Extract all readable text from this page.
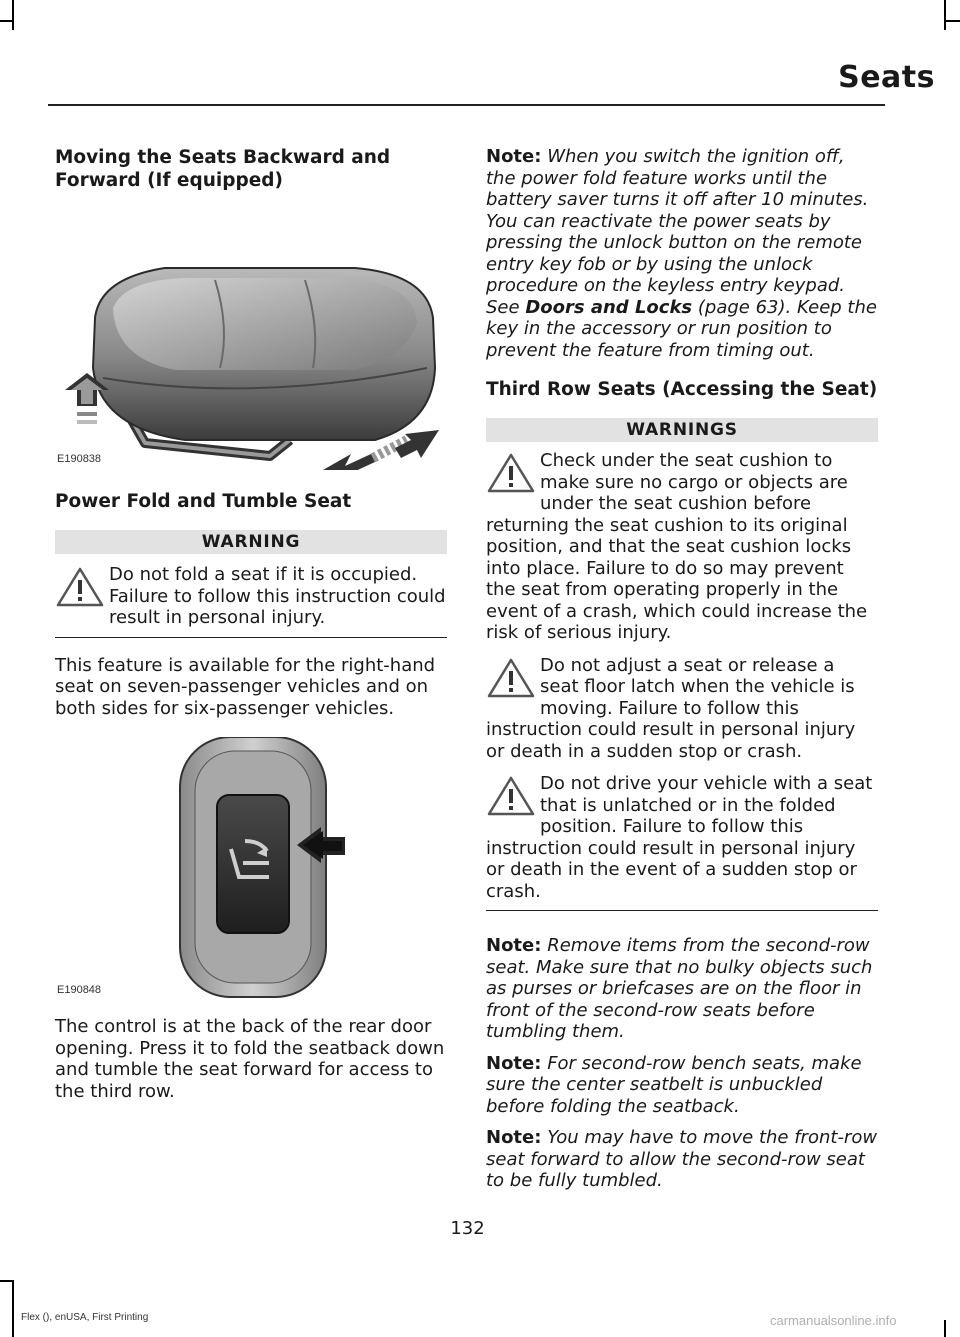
Seats
Moving the Seats Backward and Forward (If equipped)
E190838
Power Fold and Tumble Seat
WARNING

Do not fold a seat if it is occupied. Failure to follow this instruction could result in personal injury.

This feature is available for the right-hand seat on seven-passenger vehicles and on both sides for six-passenger vehicles.

E190848

The control is at the back of the rear door opening. Press it to fold the seatback down and tumble the seat forward for access to the third row.

Note: When you switch the ignition off, the power fold feature works until the battery saver turns it off after 10 minutes. You can reactivate the power seats by pressing the unlock button on the remote entry key fob or by using the unlock procedure on the keyless entry keypad. See Doors and Locks (page 63). Keep the key in the accessory or run position to prevent the feature from timing out.

Third Row Seats (Accessing the Seat)
WARNINGS

Check under the seat cushion to make sure no cargo or objects are under the seat cushion before

returning the seat cushion to its original position, and that the seat cushion locks into place. Failure to do so may prevent the seat from operating properly in the event of a crash, which could increase the risk of serious injury.

Do not adjust a seat or release a seat floor latch when the vehicle is moving. Failure to follow this

instruction could result in personal injury or death in a sudden stop or crash.

Do not drive your vehicle with a seat that is unlatched or in the folded position. Failure to follow this

instruction could result in personal injury or death in the event of a sudden stop or crash.

Note: Remove items from the second-row seat. Make sure that no bulky objects such as purses or briefcases are on the floor in front of the second-row seats before tumbling them.

Note: For second-row bench seats, make sure the center seatbelt is unbuckled before folding the seatback.

Note: You may have to move the front-row seat forward to allow the second-row seat to be fully tumbled.

132
Flex (), enUSA, First Printing	carmanualsonline.info
